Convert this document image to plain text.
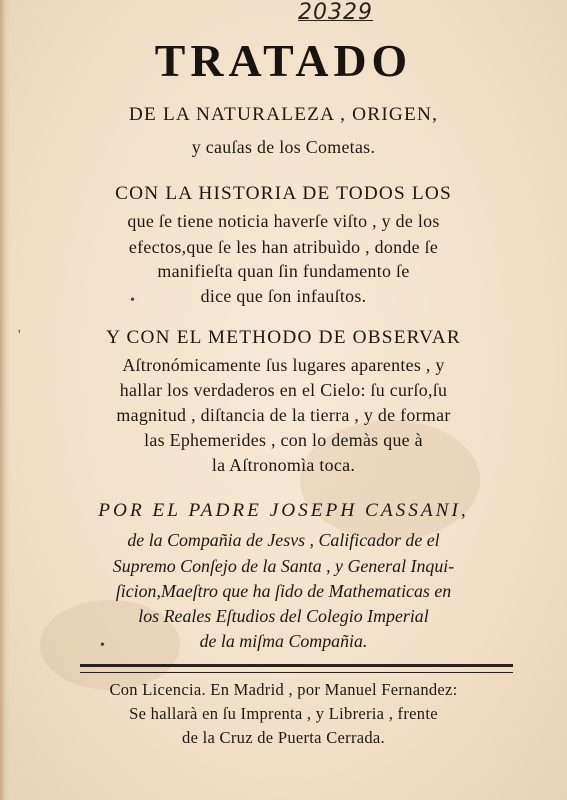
20329
TRATADO
DE LA NATURALEZA , ORIGEN,
y cauſas de los Cometas.
CON LA HISTORIA DE TODOS LOS
que ſe tiene noticia haverſe viſto , y de los
efectos,que ſe les han atribuìdo , donde ſe
manifieſta quan ſin fundamento ſe
dice que ſon infauſtos.
Y CON EL METHODO DE OBSERVAR
Aſtronómicamente ſus lugares aparentes , y
hallar los verdaderos en el Cielo: ſu curſo,ſu
magnitud , diſtancia de la tierra , y de formar
las Ephemerides , con lo demàs que à
la Aſtronomìa toca.
POR EL PADRE JOSEPH CASSANI,
de la Compañia de Jesvs , Calificador de el
Supremo Conſejo de la Santa , y General Inqui-
ſicion,Maeſtro que ha ſido de Mathematicas en
los Reales Eſtudios del Colegio Imperial
de la miſma Compañia.
Con Licencia. En Madrid , por Manuel Fernandez:
Se hallarà en ſu Imprenta , y Libreria , frente
de la Cruz de Puerta Cerrada.
'
•
•
